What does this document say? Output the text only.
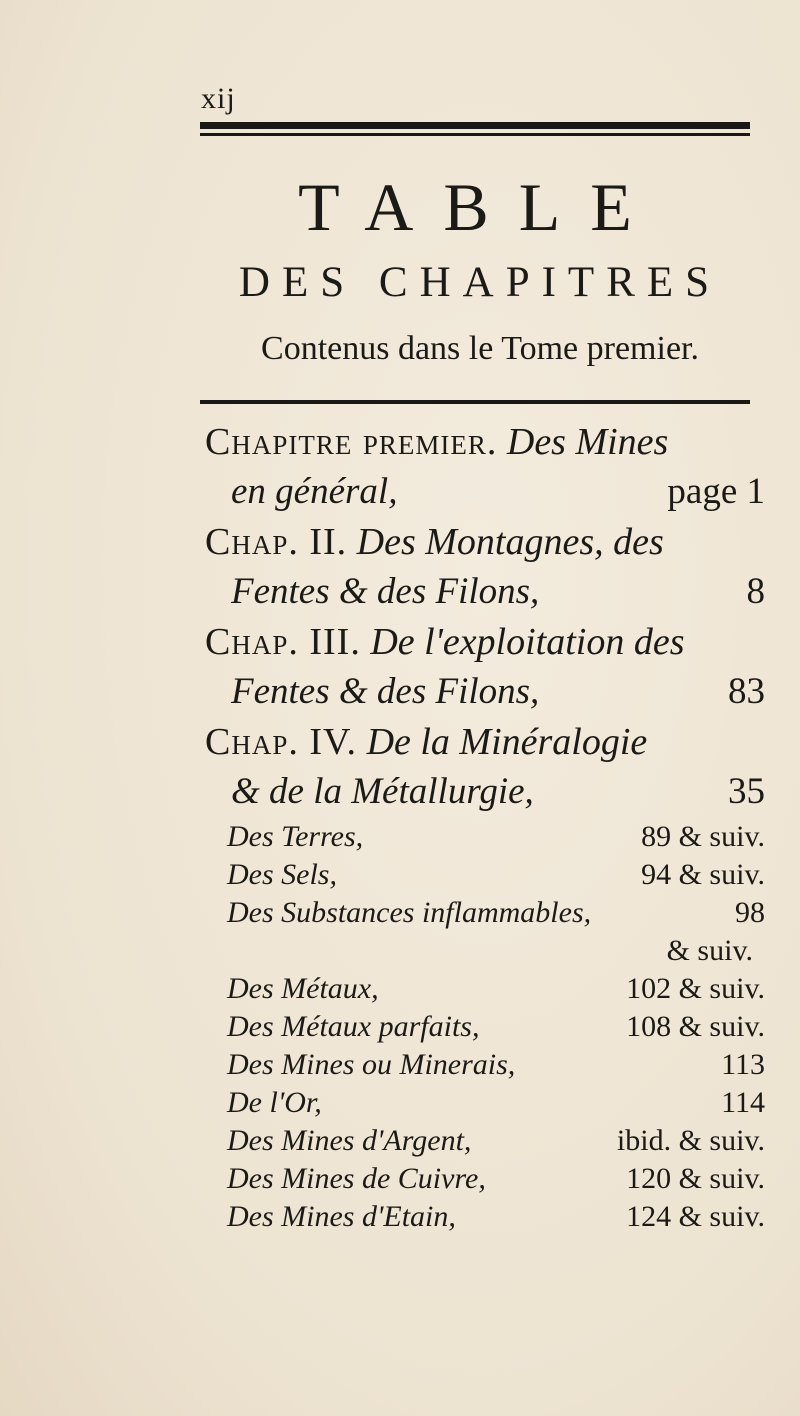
xij
TABLE
DES CHAPITRES
Contenus dans le Tome premier.
Chapitre premier. Des Mines
en général,	page 1
Chap. II. Des Montagnes, des
Fentes & des Filons,	8
Chap. III. De l'exploitation des
Fentes & des Filons,	83
Chap. IV. De la Minéralogie
& de la Métallurgie,	35
Des Terres,	89 & suiv.
Des Sels,	94 & suiv.
Des Substances inflammables,	98
& suiv.
Des Métaux,	102 & suiv.
Des Métaux parfaits,	108 & suiv.
Des Mines ou Minerais,	113
De l'Or,	114
Des Mines d'Argent,	ibid. & suiv.
Des Mines de Cuivre,	120 & suiv.
Des Mines d'Etain,	124 & suiv.
